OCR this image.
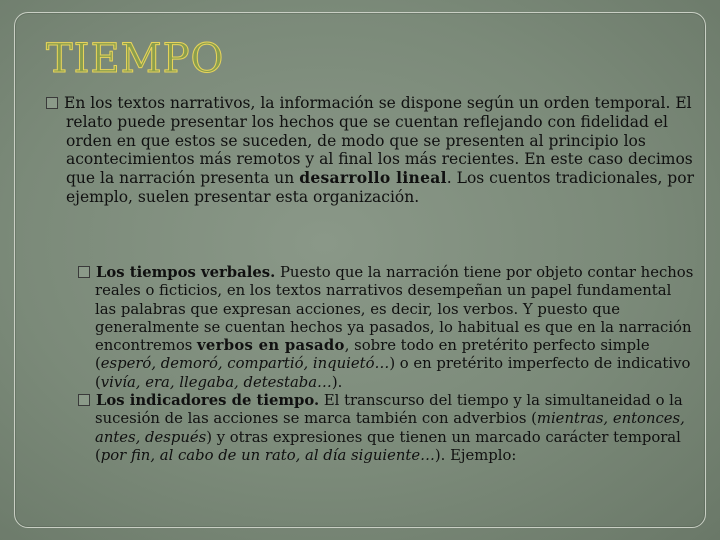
TIEMPO
En los textos narrativos, la información se dispone según un orden temporal. El relato puede presentar los hechos que se cuentan reflejando con fidelidad el orden en que estos se suceden, de modo que se presenten al principio los acontecimientos más remotos y al final los más recientes. En este caso decimos que la narración presenta un desarrollo lineal. Los cuentos tradicionales, por ejemplo, suelen presentar esta organización.
Los tiempos verbales. Puesto que la narración tiene por objeto contar hechos reales o ficticios, en los textos narrativos desempeñan un papel fundamental las palabras que expresan acciones, es decir, los verbos. Y puesto que generalmente se cuentan hechos ya pasados, lo habitual es que en la narración encontremos verbos en pasado, sobre todo en pretérito perfecto simple (esperó, demoró, compartió, inquietó…) o en pretérito imperfecto de indicativo (vivía, era, llegaba, detestaba…).
Los indicadores de tiempo. El transcurso del tiempo y la simultaneidad o la sucesión de las acciones se marca también con adverbios (mientras, entonces, antes, después) y otras expresiones que tienen un marcado carácter temporal (por fin, al cabo de un rato, al día siguiente…). Ejemplo:
